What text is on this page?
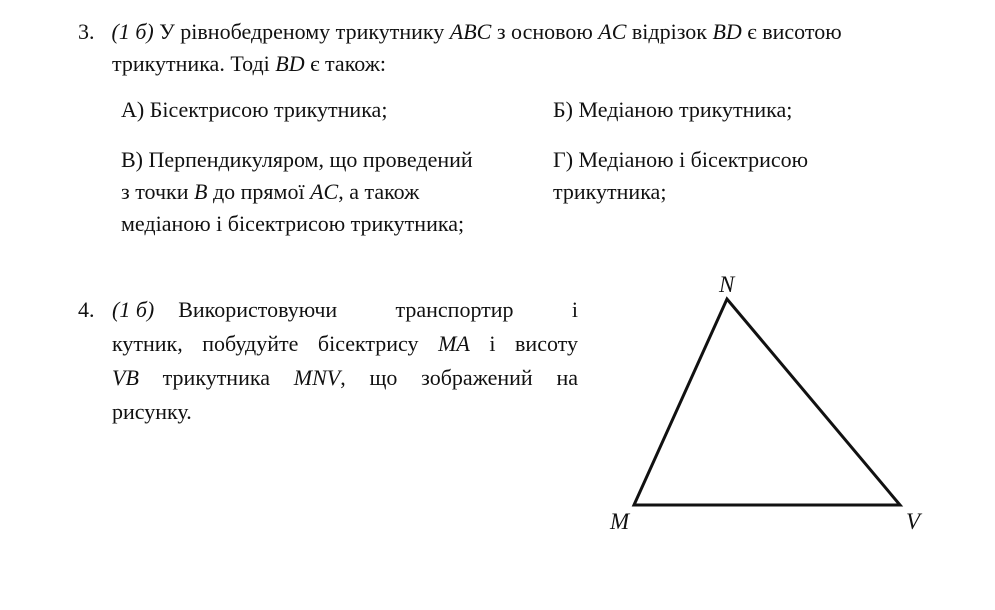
3. (1 б) У рівнобедреному трикутнику ABC з основою AC відрізок BD є висотою
трикутника. Тоді BD є також:
А) Бісектрисою трикутника;	Б) Медіаною трикутника;
В) Перпендикуляром, що проведений
з точки B до прямої AC, а також
медіаною і бісектрисою трикутника;
Г) Медіаною і бісектрисою
трикутника;
4. (1 б) Використовуючи транспортир і
кутник, побудуйте бісектрису MA і висоту
VB трикутника MNV, що зображений на
рисунку.
N
M	V
